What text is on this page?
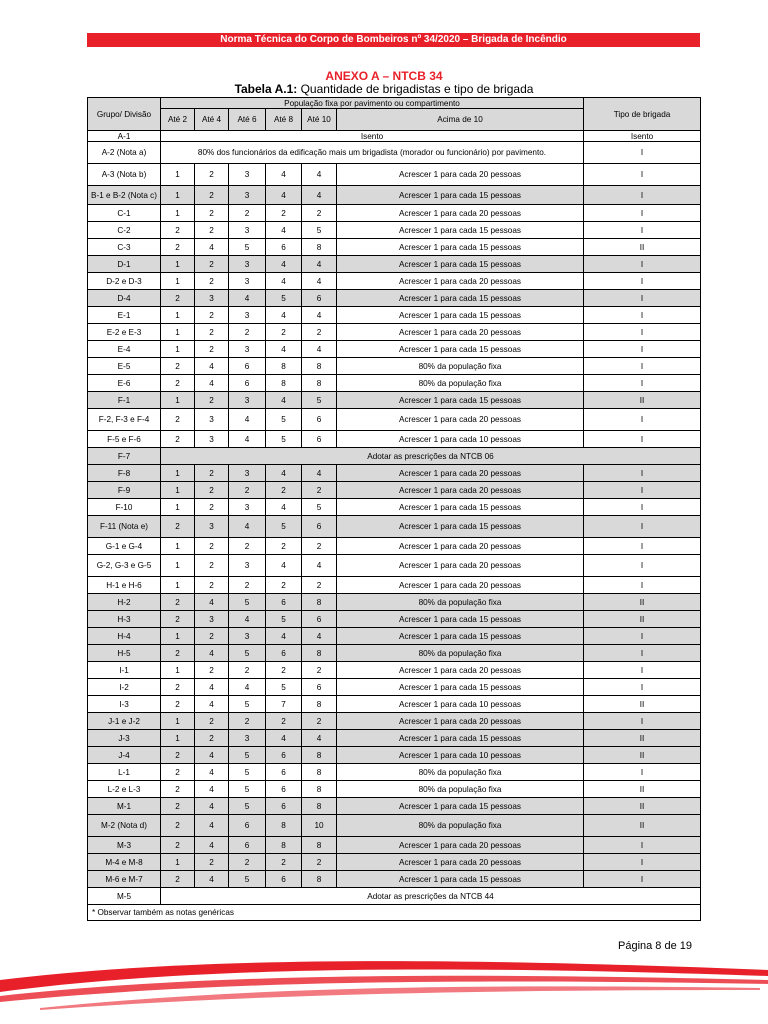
Norma Técnica do Corpo de Bombeiros nº 34/2020 – Brigada de Incêndio
ANEXO A – NTCB 34
Tabela A.1: Quantidade de brigadistas e tipo de brigada
Grupo/ Divisão	População fixa por pavimento ou compartimento						Tipo de brigada
	Até 2	Até 4	Até 6	Até 8	Até 10	Acima de 10	
A-1	Isento						Isento
A-2 (Nota a)	80% dos funcionários da edificação mais um brigadista (morador ou funcionário) por pavimento.						I
A-3 (Nota b)	1	2	3	4	4	Acrescer 1 para cada 20 pessoas	I
B-1 e B-2 (Nota c)	1	2	3	4	4	Acrescer 1 para cada 15 pessoas	I
C-1	1	2	2	2	2	Acrescer 1 para cada 20 pessoas	I
C-2	2	2	3	4	5	Acrescer 1 para cada 15 pessoas	I
C-3	2	4	5	6	8	Acrescer 1 para cada 15 pessoas	II
D-1	1	2	3	4	4	Acrescer 1 para cada 15 pessoas	I
D-2 e D-3	1	2	3	4	4	Acrescer 1 para cada 20 pessoas	I
D-4	2	3	4	5	6	Acrescer 1 para cada 15 pessoas	I
E-1	1	2	3	4	4	Acrescer 1 para cada 15 pessoas	I
E-2 e E-3	1	2	2	2	2	Acrescer 1 para cada 20 pessoas	I
E-4	1	2	3	4	4	Acrescer 1 para cada 15 pessoas	I
E-5	2	4	6	8	8	80% da população fixa	I
E-6	2	4	6	8	8	80% da população fixa	I
F-1	1	2	3	4	5	Acrescer 1 para cada 15 pessoas	II
F-2, F-3 e F-4	2	3	4	5	6	Acrescer 1 para cada 20 pessoas	I
F-5 e F-6	2	3	4	5	6	Acrescer 1 para cada 10 pessoas	I
F-7	Adotar as prescrições da NTCB 06						
F-8	1	2	3	4	4	Acrescer 1 para cada 20 pessoas	I
F-9	1	2	2	2	2	Acrescer 1 para cada 20 pessoas	I
F-10	1	2	3	4	5	Acrescer 1 para cada 15 pessoas	I
F-11 (Nota e)	2	3	4	5	6	Acrescer 1 para cada 15 pessoas	I
G-1 e G-4	1	2	2	2	2	Acrescer 1 para cada 20 pessoas	I
G-2, G-3 e G-5	1	2	3	4	4	Acrescer 1 para cada 20 pessoas	I
H-1 e H-6	1	2	2	2	2	Acrescer 1 para cada 20 pessoas	I
H-2	2	4	5	6	8	80% da população fixa	II
H-3	2	3	4	5	6	Acrescer 1 para cada 15 pessoas	II
H-4	1	2	3	4	4	Acrescer 1 para cada 15 pessoas	I
H-5	2	4	5	6	8	80% da população fixa	I
I-1	1	2	2	2	2	Acrescer 1 para cada 20 pessoas	I
I-2	2	4	4	5	6	Acrescer 1 para cada 15 pessoas	I
I-3	2	4	5	7	8	Acrescer 1 para cada 10 pessoas	II
J-1 e J-2	1	2	2	2	2	Acrescer 1 para cada 20 pessoas	I
J-3	1	2	3	4	4	Acrescer 1 para cada 15 pessoas	II
J-4	2	4	5	6	8	Acrescer 1 para cada 10 pessoas	II
L-1	2	4	5	6	8	80% da população fixa	I
L-2 e L-3	2	4	5	6	8	80% da população fixa	II
M-1	2	4	5	6	8	Acrescer 1 para cada 15 pessoas	II
M-2 (Nota d)	2	4	6	8	10	80% da população fixa	II
M-3	2	4	6	8	8	Acrescer 1 para cada 20 pessoas	I
M-4 e M-8	1	2	2	2	2	Acrescer 1 para cada 20 pessoas	I
M-6 e M-7	2	4	5	6	8	Acrescer 1 para cada 15 pessoas	I
M-5	Adotar as prescrições da NTCB 44						
* Observar também as notas genéricas							
Página 8 de 19
